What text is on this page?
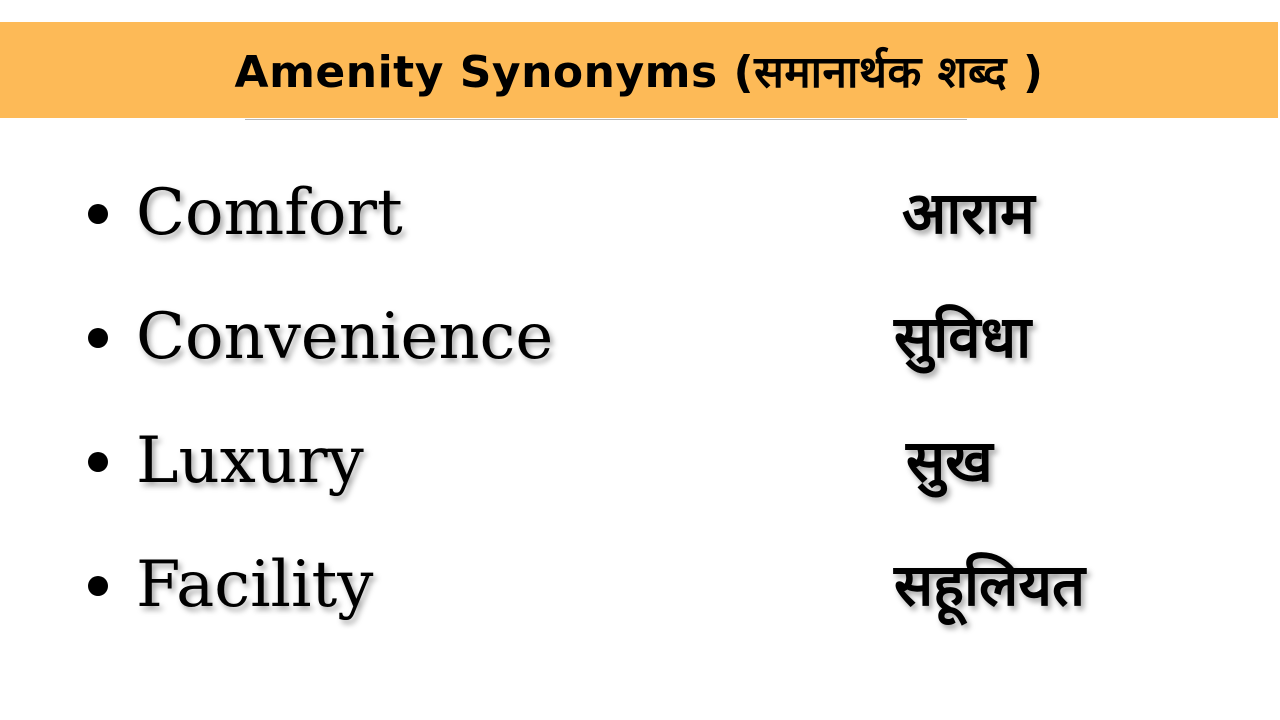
Amenity Synonyms (समानार्थक शब्द )
Comfort	आराम
Convenience	सुविधा
Luxury	सुख
Facility	सहूलियत
